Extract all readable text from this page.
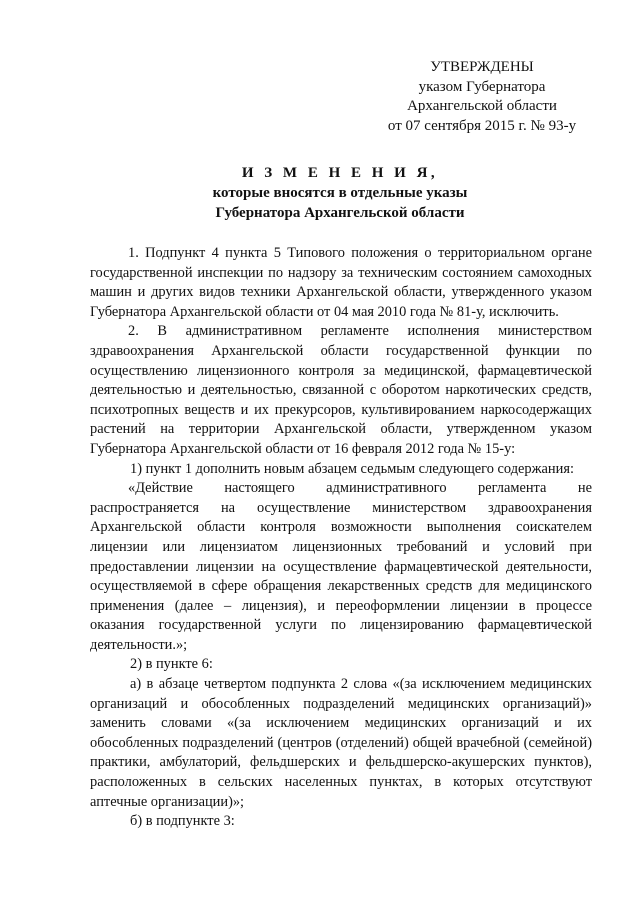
УТВЕРЖДЕНЫ
указом Губернатора
Архангельской области
от 07 сентября 2015 г. № 93-у
И З М Е Н Е Н И Я,
которые вносятся в отдельные указы
Губернатора Архангельской области

1. Подпункт 4 пункта 5 Типового положения о территориальном органе государственной инспекции по надзору за техническим состоянием самоходных машин и других видов техники Архангельской области, утвержденного указом Губернатора Архангельской области от 04 мая 2010 года № 81-у, исключить.

2. В административном регламенте исполнения министерством здравоохранения Архангельской области государственной функции по осуществлению лицензионного контроля за медицинской, фармацевтической деятельностью и деятельностью, связанной с оборотом наркотических средств, психотропных веществ и их прекурсоров, культивированием наркосодержащих растений на территории Архангельской области, утвержденном указом Губернатора Архангельской области от 16 февраля 2012 года № 15-у:

1) пункт 1 дополнить новым абзацем седьмым следующего содержания:

«Действие настоящего административного регламента не распространяется на осуществление министерством здравоохранения Архангельской области контроля возможности выполнения соискателем лицензии или лицензиатом лицензионных требований и условий при предоставлении лицензии на осуществление фармацевтической деятельности, осуществляемой в сфере обращения лекарственных средств для медицинского применения (далее – лицензия), и переоформлении лицензии в процессе оказания государственной услуги по лицензированию фармацевтической деятельности.»;

2) в пункте 6:

а) в абзаце четвертом подпункта 2 слова «(за исключением медицинских организаций и обособленных подразделений медицинских организаций)» заменить словами «(за исключением медицинских организаций и их обособленных подразделений (центров (отделений) общей врачебной (семейной) практики, амбулаторий, фельдшерских и фельдшерско-акушерских пунктов), расположенных в сельских населенных пунктах, в которых отсутствуют аптечные организации)»;

б) в подпункте 3:
